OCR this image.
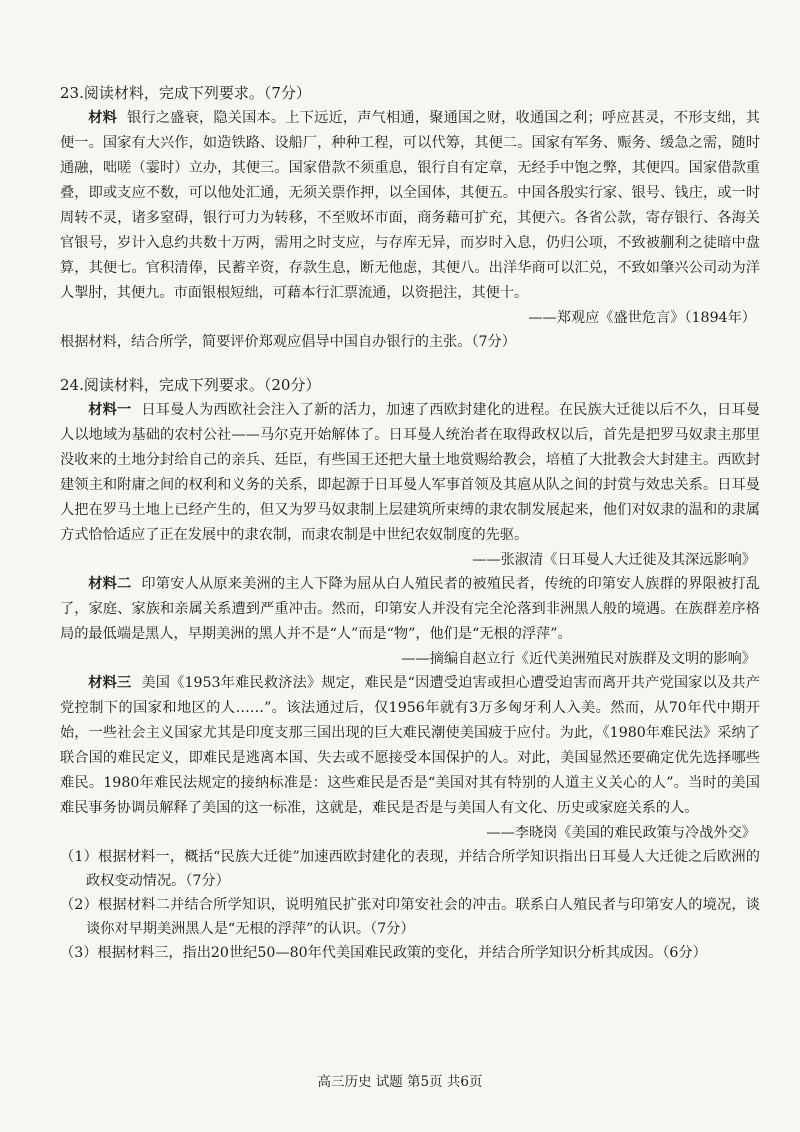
23.阅读材料，完成下列要求。（7分）

材料 银行之盛衰，隐关国本。上下远近，声气相通，聚通国之财，收通国之利；呼应甚灵，不形支绌，其便一。国家有大兴作，如造铁路、设船厂，种种工程，可以代筹，其便二。国家有军务、赈务、缓急之需，随时通融，咄嗟（霎时）立办，其便三。国家借款不须重息，银行自有定章，无经手中饱之弊，其便四。国家借款重叠，即或支应不数，可以他处汇通，无须关票作押，以全国体，其便五。中国各殷实行家、银号、钱庄，或一时周转不灵，诸多窒碍，银行可力为转移，不至败坏市面，商务藉可扩充，其便六。各省公款，寄存银行、各海关官银号，岁计入息约共数十万两，需用之时支应，与存库无异，而岁时入息，仍归公项，不致被蒯利之徒暗中盘算，其便七。官积清俸，民蓄辛资，存款生息，断无他虑，其便八。出洋华商可以汇兑，不致如肇兴公司动为洋人掣肘，其便九。市面银根短绌，可藉本行汇票流通，以资挹注，其便十。

——郑观应《盛世危言》（1894年）

根据材料，结合所学，简要评价郑观应倡导中国自办银行的主张。（7分）

24.阅读材料，完成下列要求。（20分）

材料一 日耳曼人为西欧社会注入了新的活力，加速了西欧封建化的进程。在民族大迁徙以后不久，日耳曼人以地域为基础的农村公社——马尔克开始解体了。日耳曼人统治者在取得政权以后，首先是把罗马奴隶主那里没收来的土地分封给自己的亲兵、廷臣，有些国王还把大量土地赏赐给教会，培植了大批教会大封建主。西欧封建领主和附庸之间的权利和义务的关系，即起源于日耳曼人军事首领及其扈从队之间的封赏与效忠关系。日耳曼人把在罗马土地上已经产生的，但又为罗马奴隶制上层建筑所束缚的隶农制发展起来，他们对奴隶的温和的隶属方式恰恰适应了正在发展中的隶农制，而隶农制是中世纪农奴制度的先驱。

——张淑清《日耳曼人大迁徙及其深远影响》

材料二 印第安人从原来美洲的主人下降为屈从白人殖民者的被殖民者，传统的印第安人族群的界限被打乱了，家庭、家族和亲属关系遭到严重冲击。然而，印第安人并没有完全沦落到非洲黑人般的境遇。在族群差序格局的最低端是黑人，早期美洲的黑人并不是“人”而是“物”，他们是“无根的浮萍”。

——摘编自赵立行《近代美洲殖民对族群及文明的影响》

材料三 美国《1953年难民救济法》规定，难民是“因遭受迫害或担心遭受迫害而离开共产党国家以及共产党控制下的国家和地区的人……”。该法通过后，仅1956年就有3万多匈牙利人入美。然而，从70年代中期开始，一些社会主义国家尤其是印度支那三国出现的巨大难民潮使美国疲于应付。为此，《1980年难民法》采纳了联合国的难民定义，即难民是逃离本国、失去或不愿接受本国保护的人。对此，美国显然还要确定优先选择哪些难民。1980年难民法规定的接纳标准是：这些难民是否是“美国对其有特别的人道主义关心的人”。当时的美国难民事务协调员解释了美国的这一标准，这就是，难民是否是与美国人有文化、历史或家庭关系的人。

——李晓岗《美国的难民政策与冷战外交》

（1）根据材料一，概括“民族大迁徙”加速西欧封建化的表现，并结合所学知识指出日耳曼人大迁徙之后欧洲的政权变动情况。（7分）

（2）根据材料二并结合所学知识，说明殖民扩张对印第安社会的冲击。联系白人殖民者与印第安人的境况，谈谈你对早期美洲黑人是“无根的浮萍”的认识。（7分）

（3）根据材料三，指出20世纪50—80年代美国难民政策的变化，并结合所学知识分析其成因。（6分）

高三历史 试题 第5页 共6页
